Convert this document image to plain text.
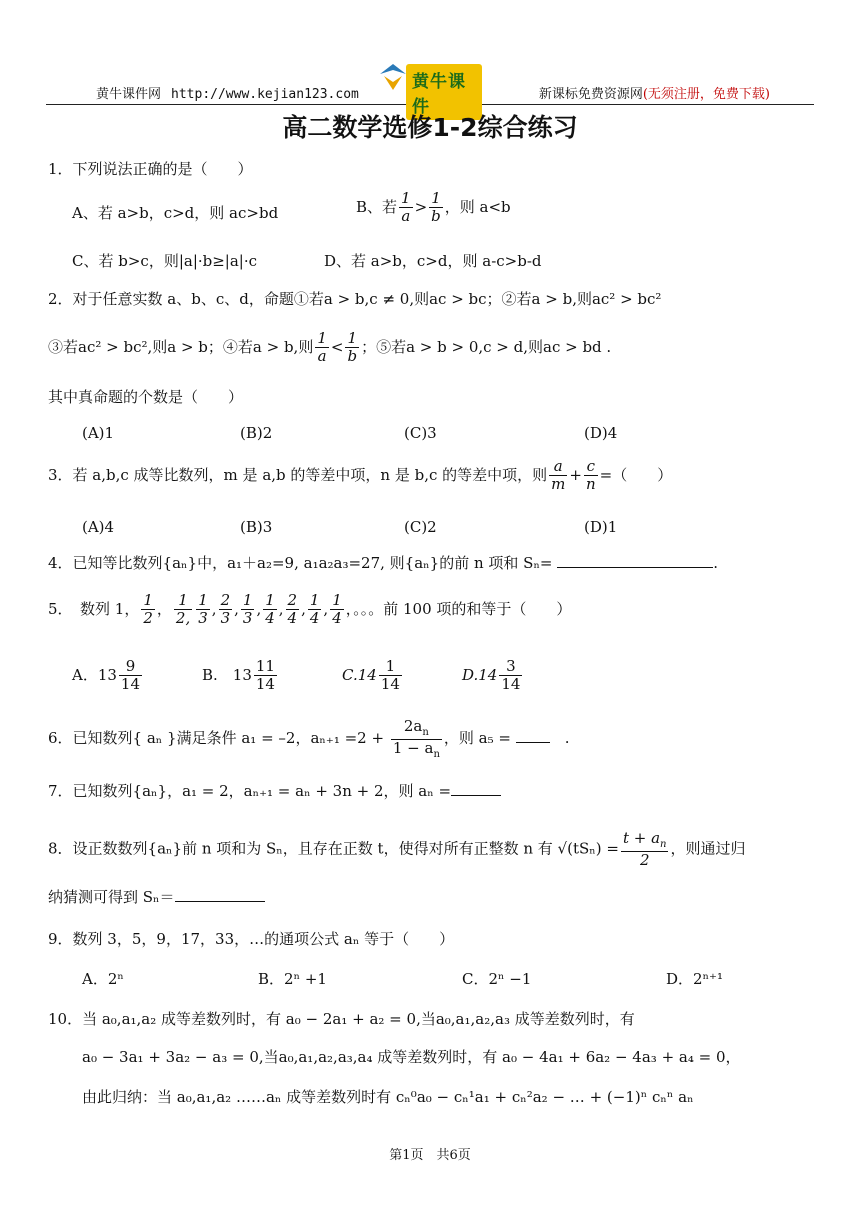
黄牛课件网 http://www.kejian123.com	新课标免费资源网(无须注册，免费下载)
黄牛课件
高二数学选修1-2综合练习
1．下列说法正确的是（　　）
A、若 a>b，c>d，则 ac>bd	B、若 $\frac{1}{a} > \frac{1}{b}$ ，则 a<b
C、若 b>c，则|a|·b≥|a|·c	D、若 a>b，c>d，则 a-c>b-d
2．对于任意实数 a、b、c、d，命题①若a > b,c ≠ 0,则ac > bc；②若a > b,则ac² > bc²
③若ac² > bc²,则a > b；④若a > b,则 $\frac{1}{a} < \frac{1}{b}$ ；⑤若a > b > 0,c > d,则ac > bd .
其中真命题的个数是（　　）
(A)1	(B)2	(C)3	(D)4
3．若 a,b,c 成等比数列，m 是 a,b 的等差中项，n 是 b,c 的等差中项，则 $\frac{a}{m} + \frac{c}{n}$ =（　　）
(A)4	(B)3	(C)2	(D)1
4．已知等比数列{aₙ}中，a₁＋a₂=9, a₁a₂a₃=27, 则{aₙ}的前 n 项和 Sₙ=	.
5．　数列 1， $\frac{1}{2}$ ， $\frac{1}{2,} \frac{1}{3}$ , $\frac{2}{3}$ , $\frac{1}{3}$ , $\frac{1}{4}$ , $\frac{2}{4}$ , $\frac{1}{4}$ , $\frac{1}{4}$ ，。。。前 100 项的和等于（　　）
A．$13 \frac{9}{14}$	B.　$13 \frac{11}{14}$	$C.14 \frac{1}{14}$	$D.14 \frac{3}{14}$
6．已知数列{ aₙ }满足条件 a₁ = –2，$a_{n+1} =2 + \frac{2a_n}{1 - a_n}$ ，则 a₅ =	　.
7．已知数列{aₙ}，a₁ = 2，aₙ₊₁ = aₙ + 3n + 2，则 aₙ =
8．设正数数列{aₙ}前 n 项和为 Sₙ，且存在正数 t，使得对所有正整数 n 有 $√(tS_n) = \frac{t + a_n}{2}$ ，则通过归
纳猜测可得到 Sₙ＝
9．数列 3，5，9，17，33，…的通项公式 aₙ 等于（　　）
A．2ⁿ	B．2ⁿ +1	C．2ⁿ −1	D．2ⁿ⁺¹
10．当 a₀,a₁,a₂ 成等差数列时，有 a₀ − 2a₁ + a₂ = 0,当a₀,a₁,a₂,a₃ 成等差数列时，有
a₀ − 3a₁ + 3a₂ − a₃ = 0,当a₀,a₁,a₂,a₃,a₄ 成等差数列时，有 a₀ − 4a₁ + 6a₂ − 4a₃ + a₄ = 0，
由此归纳：当 a₀,a₁,a₂ ……aₙ 成等差数列时有 cₙ⁰a₀ − cₙ¹a₁ + cₙ²a₂ − … + (−1)ⁿ cₙⁿ aₙ
第1页　共6页
